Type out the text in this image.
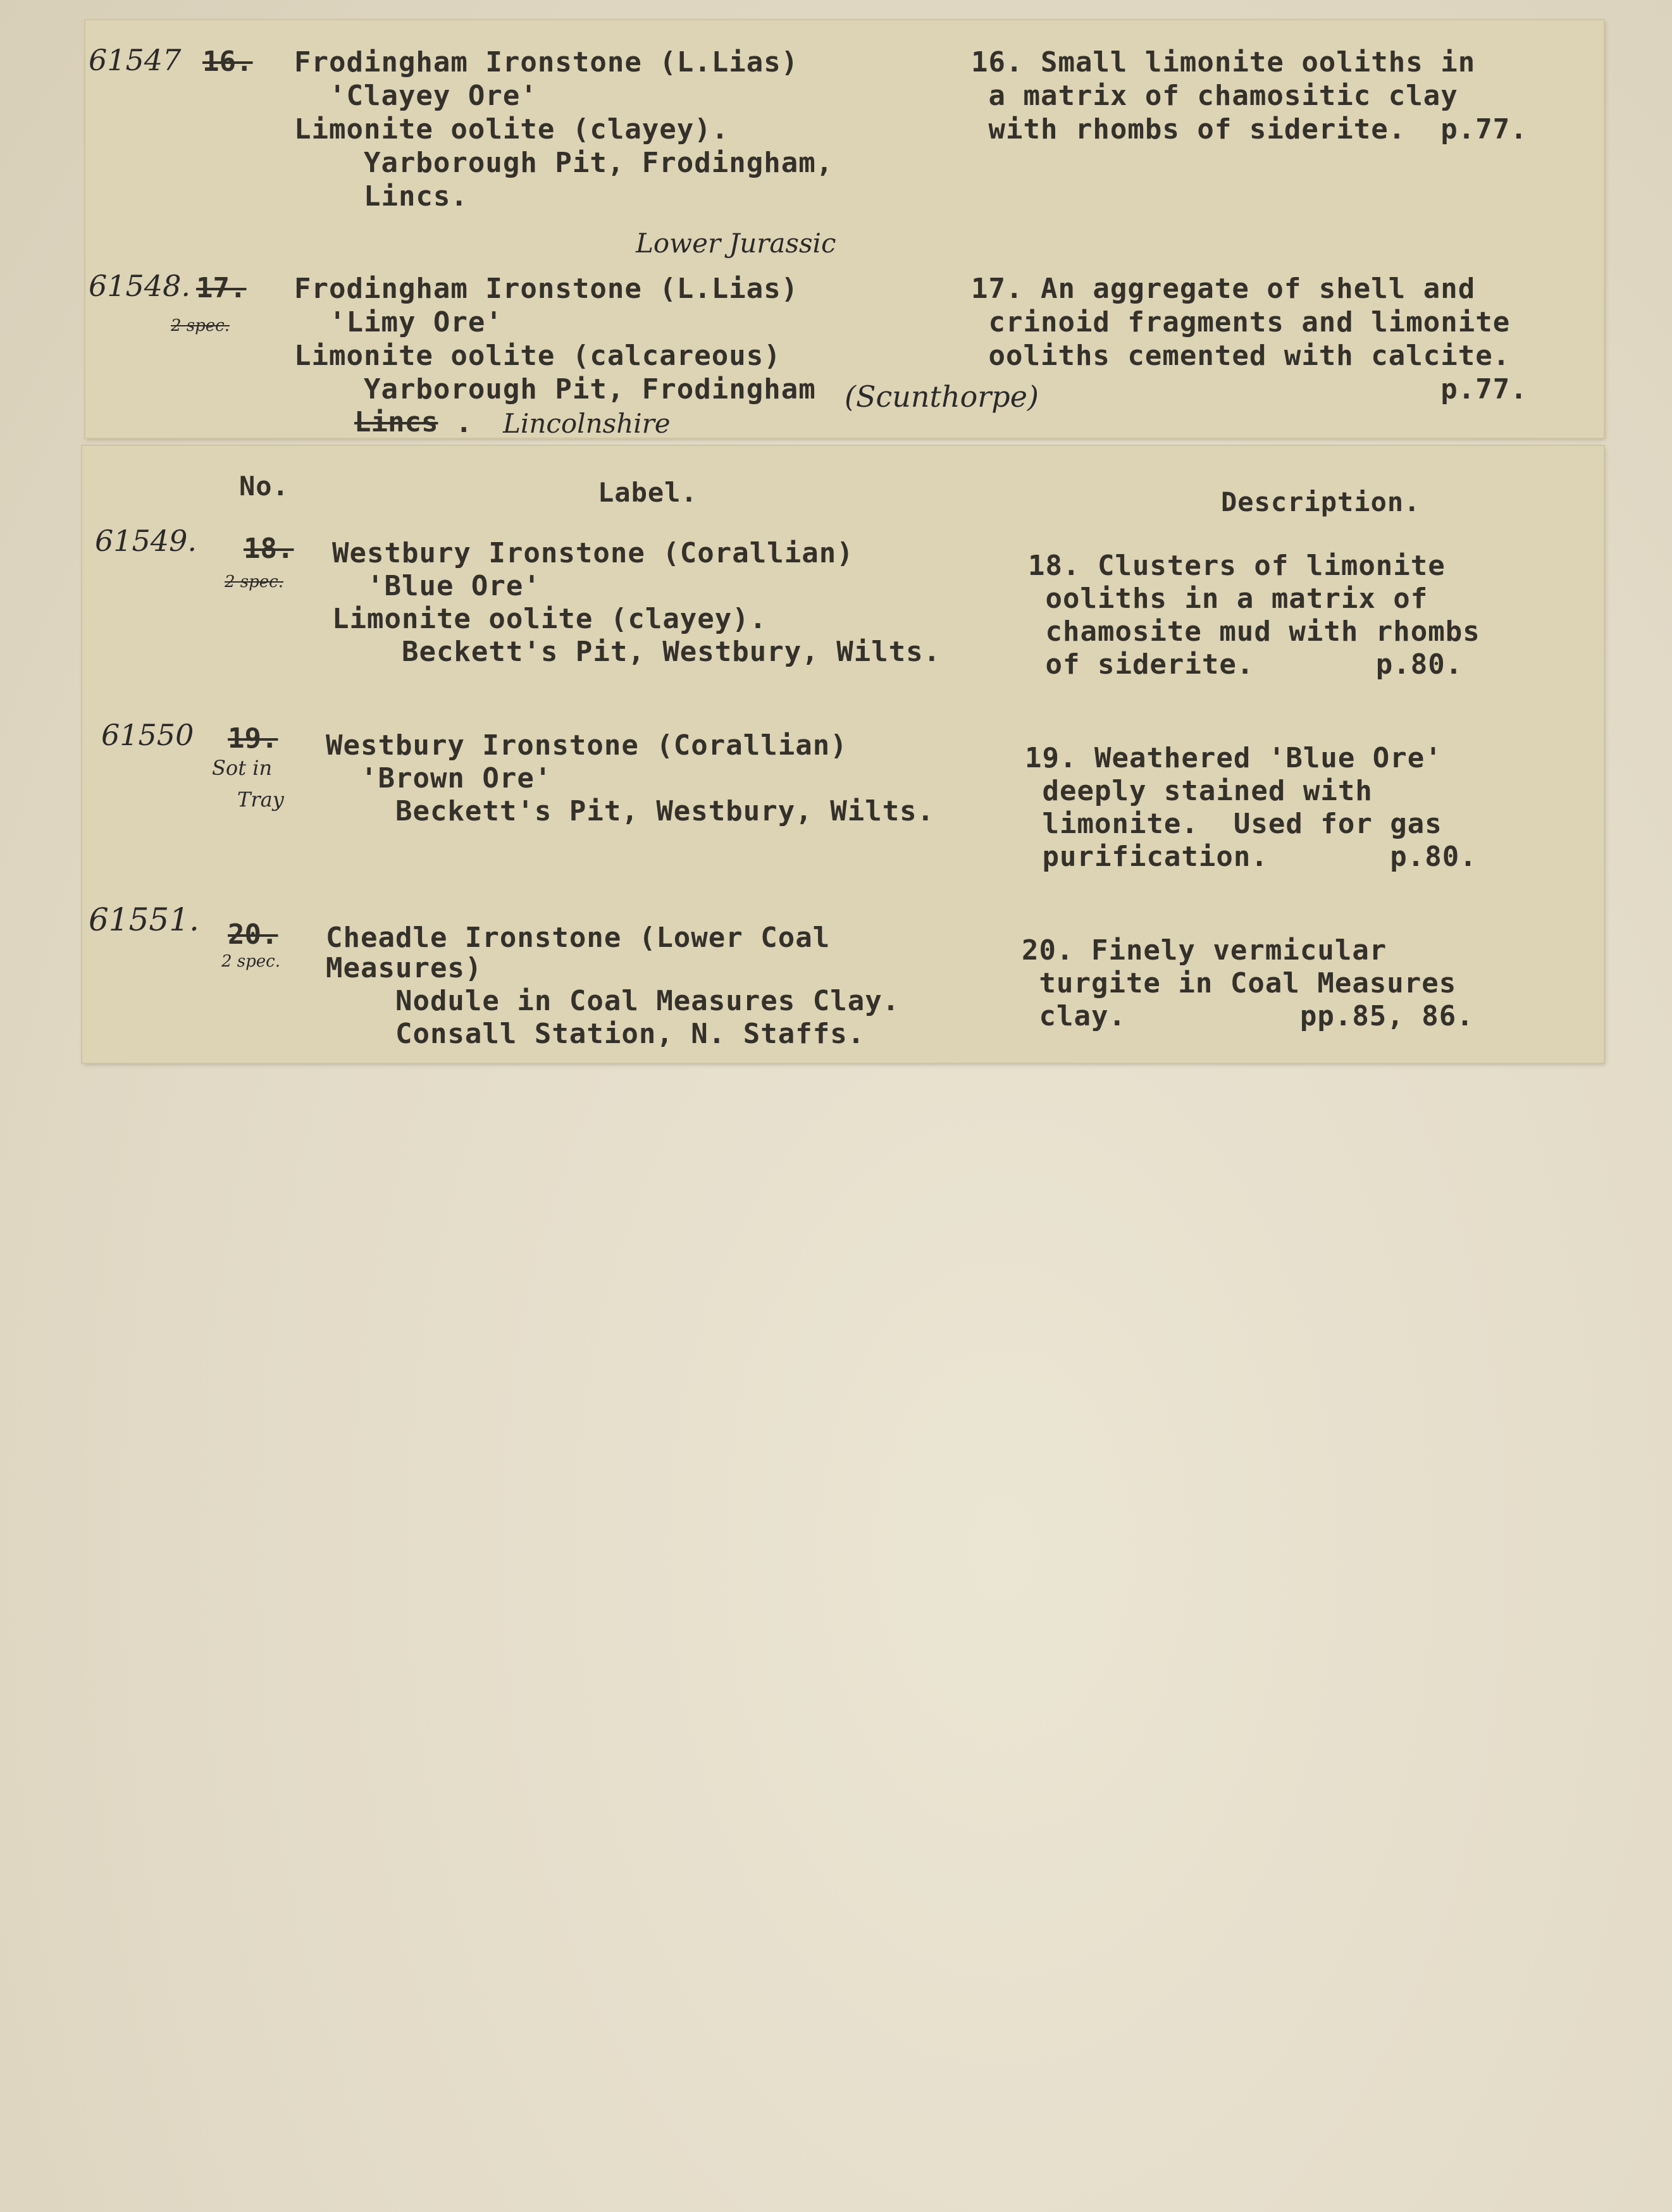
61547 16. Frodingham Ironstone (L.Lias)
'Clayey Ore'
Limonite oolite (clayey).
Yarborough Pit, Frodingham,
Lincs.
16. Small limonite ooliths in
a matrix of chamositic clay
with rhombs of siderite.  p.77.
Lower Jurassic
61548. 17.
2 spec.
Frodingham Ironstone (L.Lias)
'Limy Ore'
Limonite oolite (calcareous)
Yarborough Pit, Frodingham
Lincs .
(Scunthorpe)
Lincolnshire
17. An aggregate of shell and
crinoid fragments and limonite
ooliths cemented with calcite.
p.77.
No.	Label.	Description.
61549. 18.
2 spec.
Westbury Ironstone (Corallian)
'Blue Ore'
Limonite oolite (clayey).
Beckett's Pit, Westbury, Wilts.
18. Clusters of limonite
ooliths in a matrix of
chamosite mud with rhombs
of siderite.       p.80.
61550 19.
Sot in
Tray
Westbury Ironstone (Corallian)
'Brown Ore'
Beckett's Pit, Westbury, Wilts.
19. Weathered 'Blue Ore'
deeply stained with
limonite.  Used for gas
purification.       p.80.
61551. 20.
2 spec.
Cheadle Ironstone (Lower Coal
Measures)
Nodule in Coal Measures Clay.
Consall Station, N. Staffs.
20. Finely vermicular
turgite in Coal Measures
clay.          pp.85, 86.
